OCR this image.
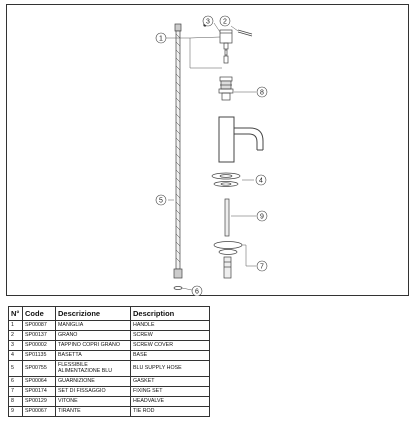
1
2
3
4
5
6
7
8
9
N°	Code	Descrizione	Description
1	SP00087	MANIGLIA	HANDLE
2	SP00137	GRANO	SCREW
3	SP00002	TAPPINO COPRI GRANO	SCREW COVER
4	SP01135	BASETTA	BASE
5	SP00755	FLESSIBILE ALIMENTAZIONE BLU	BLU SUPPLY HOSE
6	SP00064	GUARNIZIONE	GASKET
7	SP00174	SET DI FISSAGGIO	FIXING SET
8	SP00129	VITONE	HEADVALVE
9	SP00067	TIRANTE	TIE ROD
